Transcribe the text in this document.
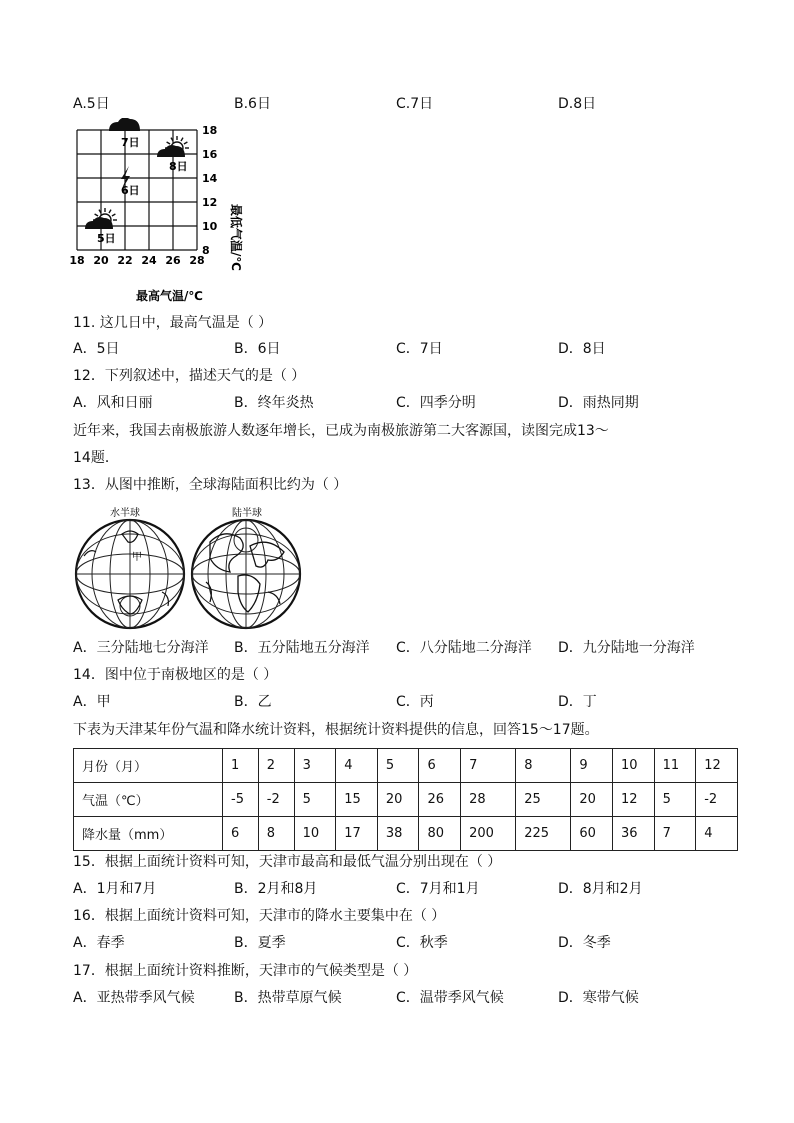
A.5日	B.6日	C.7日	D.8日
18 20 22 24 26 28
8
10
12
14
16
18
5日
6日
7日
8日
最高气温/℃
最低气温/℃
11. 这几日中，最高气温是（ ）
A．5日	B．6日	C．7日	D．8日
12．下列叙述中，描述天气的是（ ）
A．风和日丽	B．终年炎热	C．四季分明	D．雨热同期
近年来，我国去南极旅游人数逐年增长，已成为南极旅游第二大客源国，读图完成13～
14题．
13．从图中推断，全球海陆面积比约为（ ）
水半球
甲
陆半球
A．三分陆地七分海洋 B．五分陆地五分海洋 C．八分陆地二分海洋 D．九分陆地一分海洋
14．图中位于南极地区的是（ ）
A．甲	B．乙	C．丙	D．丁
下表为天津某年份气温和降水统计资料，根据统计资料提供的信息，回答15～17题。
月份（月）	1	2	3	4	5	6	7	8	9	10	11	12
气温（℃）	-5	-2	5	15	20	26	28	25	20	12	5	-2
降水量（mm）	6	8	10	17	38	80	200	225	60	36	7	4
15．根据上面统计资料可知，天津市最高和最低气温分别出现在（ ）
A．1月和7月	B．2月和8月	C．7月和1月	D．8月和2月
16．根据上面统计资料可知，天津市的降水主要集中在（ ）
A．春季	B．夏季	C．秋季	D．冬季
17．根据上面统计资料推断，天津市的气候类型是（ ）
A．亚热带季风气候	B．热带草原气候	C．温带季风气候	D．寒带气候
